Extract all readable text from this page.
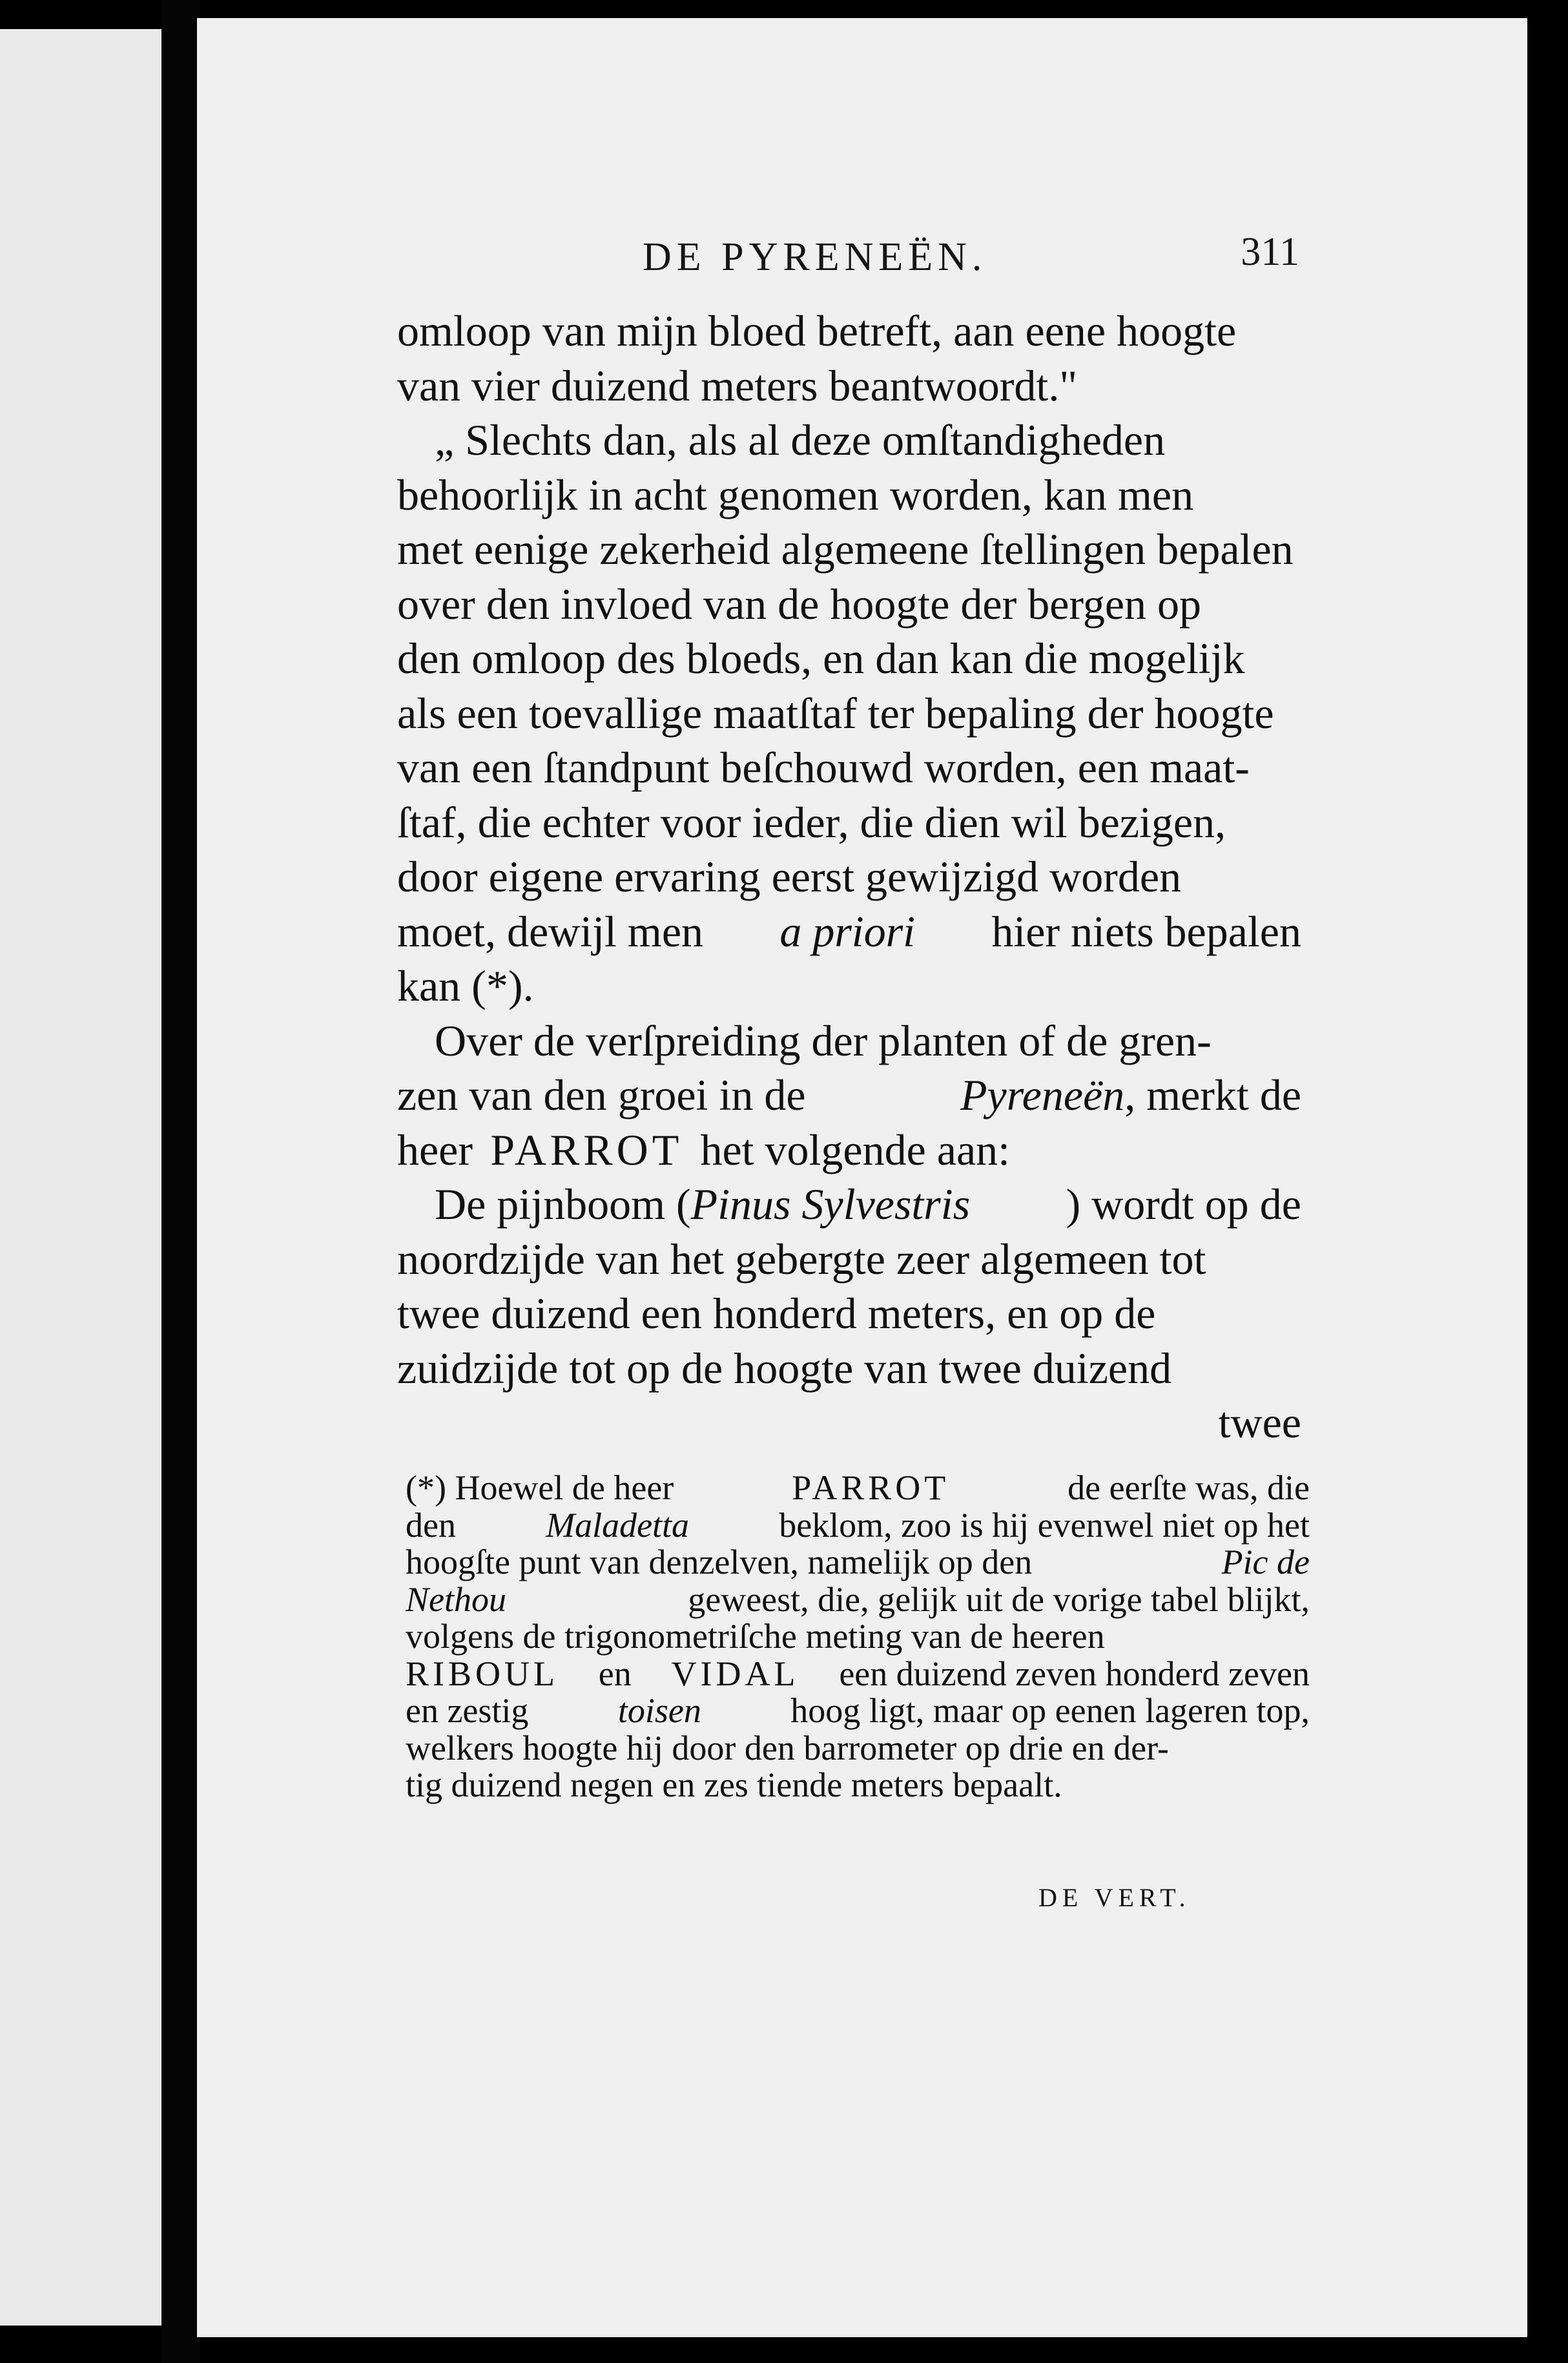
DE PYRENEËN.	311
omloop van mijn bloed betreft, aan eene hoogte
van vier duizend meters beantwoordt."
„ Slechts dan, als al deze omſtandigheden
behoorlijk in acht genomen worden, kan men
met eenige zekerheid algemeene ſtellingen bepalen
over den invloed van de hoogte der bergen op
den omloop des bloeds, en dan kan die mogelijk
als een toevallige maatſtaf ter bepaling der hoogte
van een ſtandpunt beſchouwd worden, een maat-
ſtaf, die echter voor ieder, die dien wil bezigen,
door eigene ervaring eerst gewijzigd worden
moet, dewijl men a priori hier niets bepalen
kan (*).
Over de verſpreiding der planten of de gren-
zen van den groei in de	Pyreneën, merkt de
heer PARROT het volgende aan:
De pijnboom (Pinus Sylvestris ) wordt op de
noordzijde van het gebergte zeer algemeen tot
twee duizend een honderd meters, en op de
zuidzijde tot op de hoogte van twee duizend
twee
(*) Hoewel de heer	PARROT	de eerſte was, die
den	Maladetta	beklom, zoo is hij evenwel niet op het
hoogſte punt van denzelven, namelijk op den	Pic de
Nethou	geweest, die, gelijk uit de vorige tabel blijkt,
volgens de trigonometriſche meting van de heeren
RIBOUL en VIDAL een duizend zeven honderd zeven
en zestig	toisen	hoog ligt, maar op eenen lageren top,
welkers hoogte hij door den barrometer op drie en der-
tig duizend negen en zes tiende meters bepaalt.
DE VERT.
